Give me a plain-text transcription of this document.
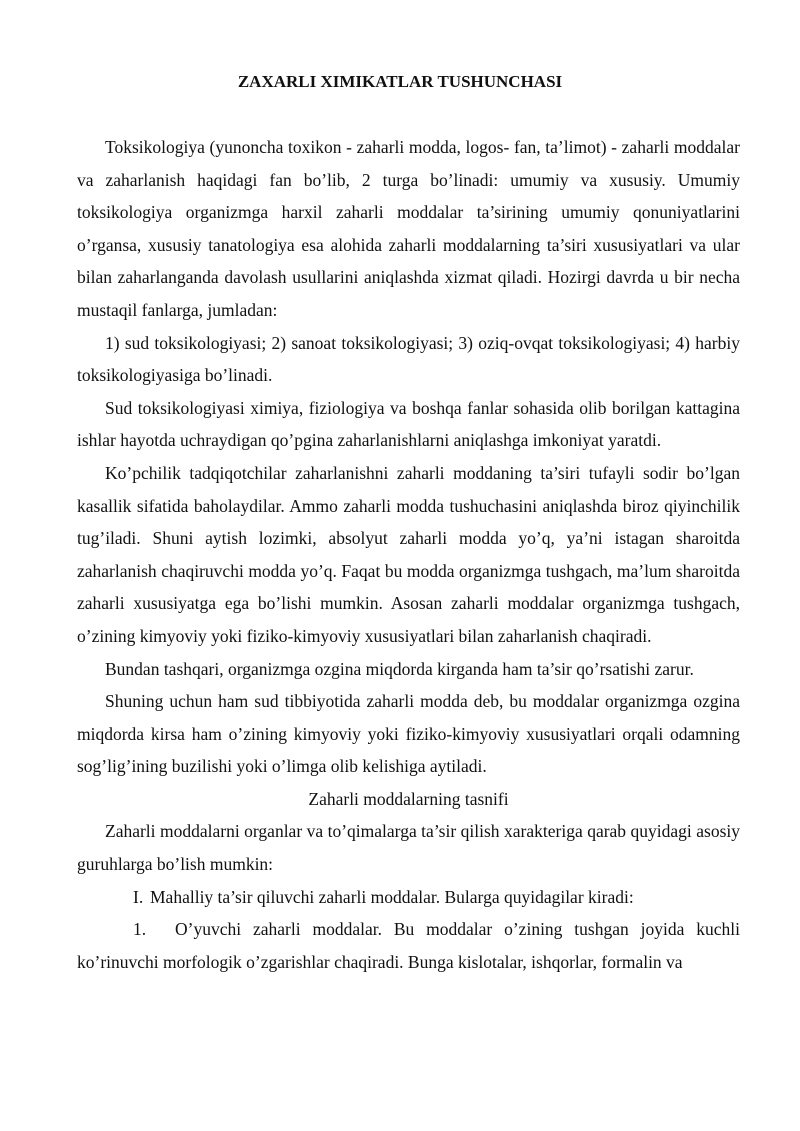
ZAXARLI XIMIKATLAR TUSHUNCHASI

Toksikologiya (yunoncha toxikon - zaharli modda, logos- fan, ta’limot) - zaharli moddalar va zaharlanish haqidagi fan bo’lib, 2 turga bo’linadi: umumiy va xususiy. Umumiy toksikologiya organizmga harxil zaharli moddalar ta’sirining umumiy qonuniyatlarini o’rgansa, xususiy tanatologiya esa alohida zaharli moddalarning ta’siri xususiyatlari va ular bilan zaharlanganda davolash usullarini aniqlashda xizmat qiladi. Hozirgi davrda u bir necha mustaqil fanlarga, jumladan:

1) sud toksikologiyasi; 2) sanoat toksikologiyasi; 3) oziq-ovqat toksikologiyasi; 4) harbiy toksikologiyasiga bo’linadi.

Sud toksikologiyasi ximiya, fiziologiya va boshqa fanlar sohasida olib borilgan kattagina ishlar hayotda uchraydigan qo’pgina zaharlanishlarni aniqlashga imkoniyat yaratdi.

Ko’pchilik tadqiqotchilar zaharlanishni zaharli moddaning ta’siri tufayli sodir bo’lgan kasallik sifatida baholaydilar. Ammo zaharli modda tushuchasini aniqlashda biroz qiyinchilik tug’iladi. Shuni aytish lozimki, absolyut zaharli modda yo’q, ya’ni istagan sharoitda zaharlanish chaqiruvchi modda yo’q. Faqat bu modda organizmga tushgach, ma’lum sharoitda zaharli xususiyatga ega bo’lishi mumkin. Asosan zaharli moddalar organizmga tushgach, o’zining kimyoviy yoki fiziko-kimyoviy xususiyatlari bilan zaharlanish chaqiradi.

Bundan tashqari, organizmga ozgina miqdorda kirganda ham ta’sir qo’rsatishi zarur.

Shuning uchun ham sud tibbiyotida zaharli modda deb, bu moddalar organizmga ozgina miqdorda kirsa ham o’zining kimyoviy yoki fiziko-kimyoviy xususiyatlari orqali odamning sog’lig’ining buzilishi yoki o’limga olib kelishiga aytiladi.

Zaharli moddalarning tasnifi

Zaharli moddalarni organlar va to’qimalarga ta’sir qilish xarakteriga qarab quyidagi asosiy guruhlarga bo’lish mumkin:

I. Mahalliy ta’sir qiluvchi zaharli moddalar. Bularga quyidagilar kiradi:

1. O’yuvchi zaharli moddalar. Bu moddalar o’zining tushgan joyida kuchli ko’rinuvchi morfologik o’zgarishlar chaqiradi. Bunga kislotalar, ishqorlar, formalin va
